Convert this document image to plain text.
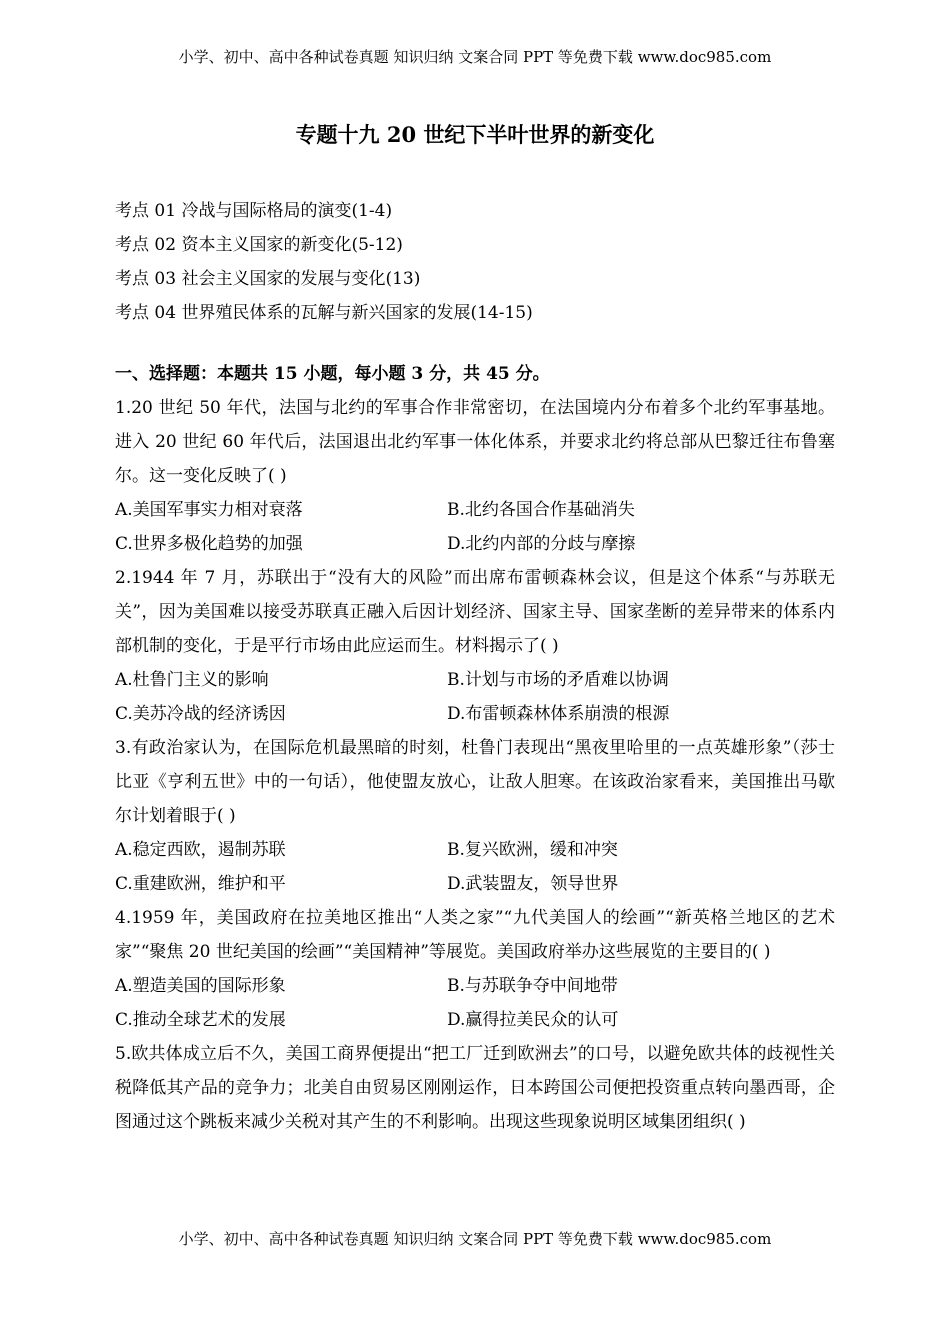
小学、初中、高中各种试卷真题 知识归纳 文案合同 PPT 等免费下载 www.doc985.com
专题十九 20 世纪下半叶世界的新变化
考点 01 冷战与国际格局的演变(1-4)
考点 02 资本主义国家的新变化(5-12)
考点 03 社会主义国家的发展与变化(13)
考点 04 世界殖民体系的瓦解与新兴国家的发展(14-15)
一、选择题：本题共 15 小题，每小题 3 分，共 45 分。
1.20 世纪 50 年代，法国与北约的军事合作非常密切，在法国境内分布着多个北约军事基地。进入 20 世纪 60 年代后，法国退出北约军事一体化体系，并要求北约将总部从巴黎迁往布鲁塞尔。这一变化反映了( )
A.美国军事实力相对衰落	B.北约各国合作基础消失
C.世界多极化趋势的加强	D.北约内部的分歧与摩擦
2.1944 年 7 月，苏联出于“没有大的风险”而出席布雷顿森林会议，但是这个体系“与苏联无关”，因为美国难以接受苏联真正融入后因计划经济、国家主导、国家垄断的差异带来的体系内部机制的变化，于是平行市场由此应运而生。材料揭示了( )
A.杜鲁门主义的影响	B.计划与市场的矛盾难以协调
C.美苏冷战的经济诱因	D.布雷顿森林体系崩溃的根源
3.有政治家认为，在国际危机最黑暗的时刻，杜鲁门表现出“黑夜里哈里的一点英雄形象”（莎士比亚《亨利五世》中的一句话），他使盟友放心，让敌人胆寒。在该政治家看来，美国推出马歇尔计划着眼于( )
A.稳定西欧，遏制苏联	B.复兴欧洲，缓和冲突
C.重建欧洲，维护和平	D.武装盟友，领导世界
4.1959 年，美国政府在拉美地区推出“人类之家”“九代美国人的绘画”“新英格兰地区的艺术家”“聚焦 20 世纪美国的绘画”“美国精神”等展览。美国政府举办这些展览的主要目的( )
A.塑造美国的国际形象	B.与苏联争夺中间地带
C.推动全球艺术的发展	D.赢得拉美民众的认可
5.欧共体成立后不久，美国工商界便提出“把工厂迁到欧洲去”的口号，以避免欧共体的歧视性关税降低其产品的竞争力；北美自由贸易区刚刚运作，日本跨国公司便把投资重点转向墨西哥，企图通过这个跳板来减少关税对其产生的不利影响。出现这些现象说明区域集团组织( )
小学、初中、高中各种试卷真题 知识归纳 文案合同 PPT 等免费下载 www.doc985.com
